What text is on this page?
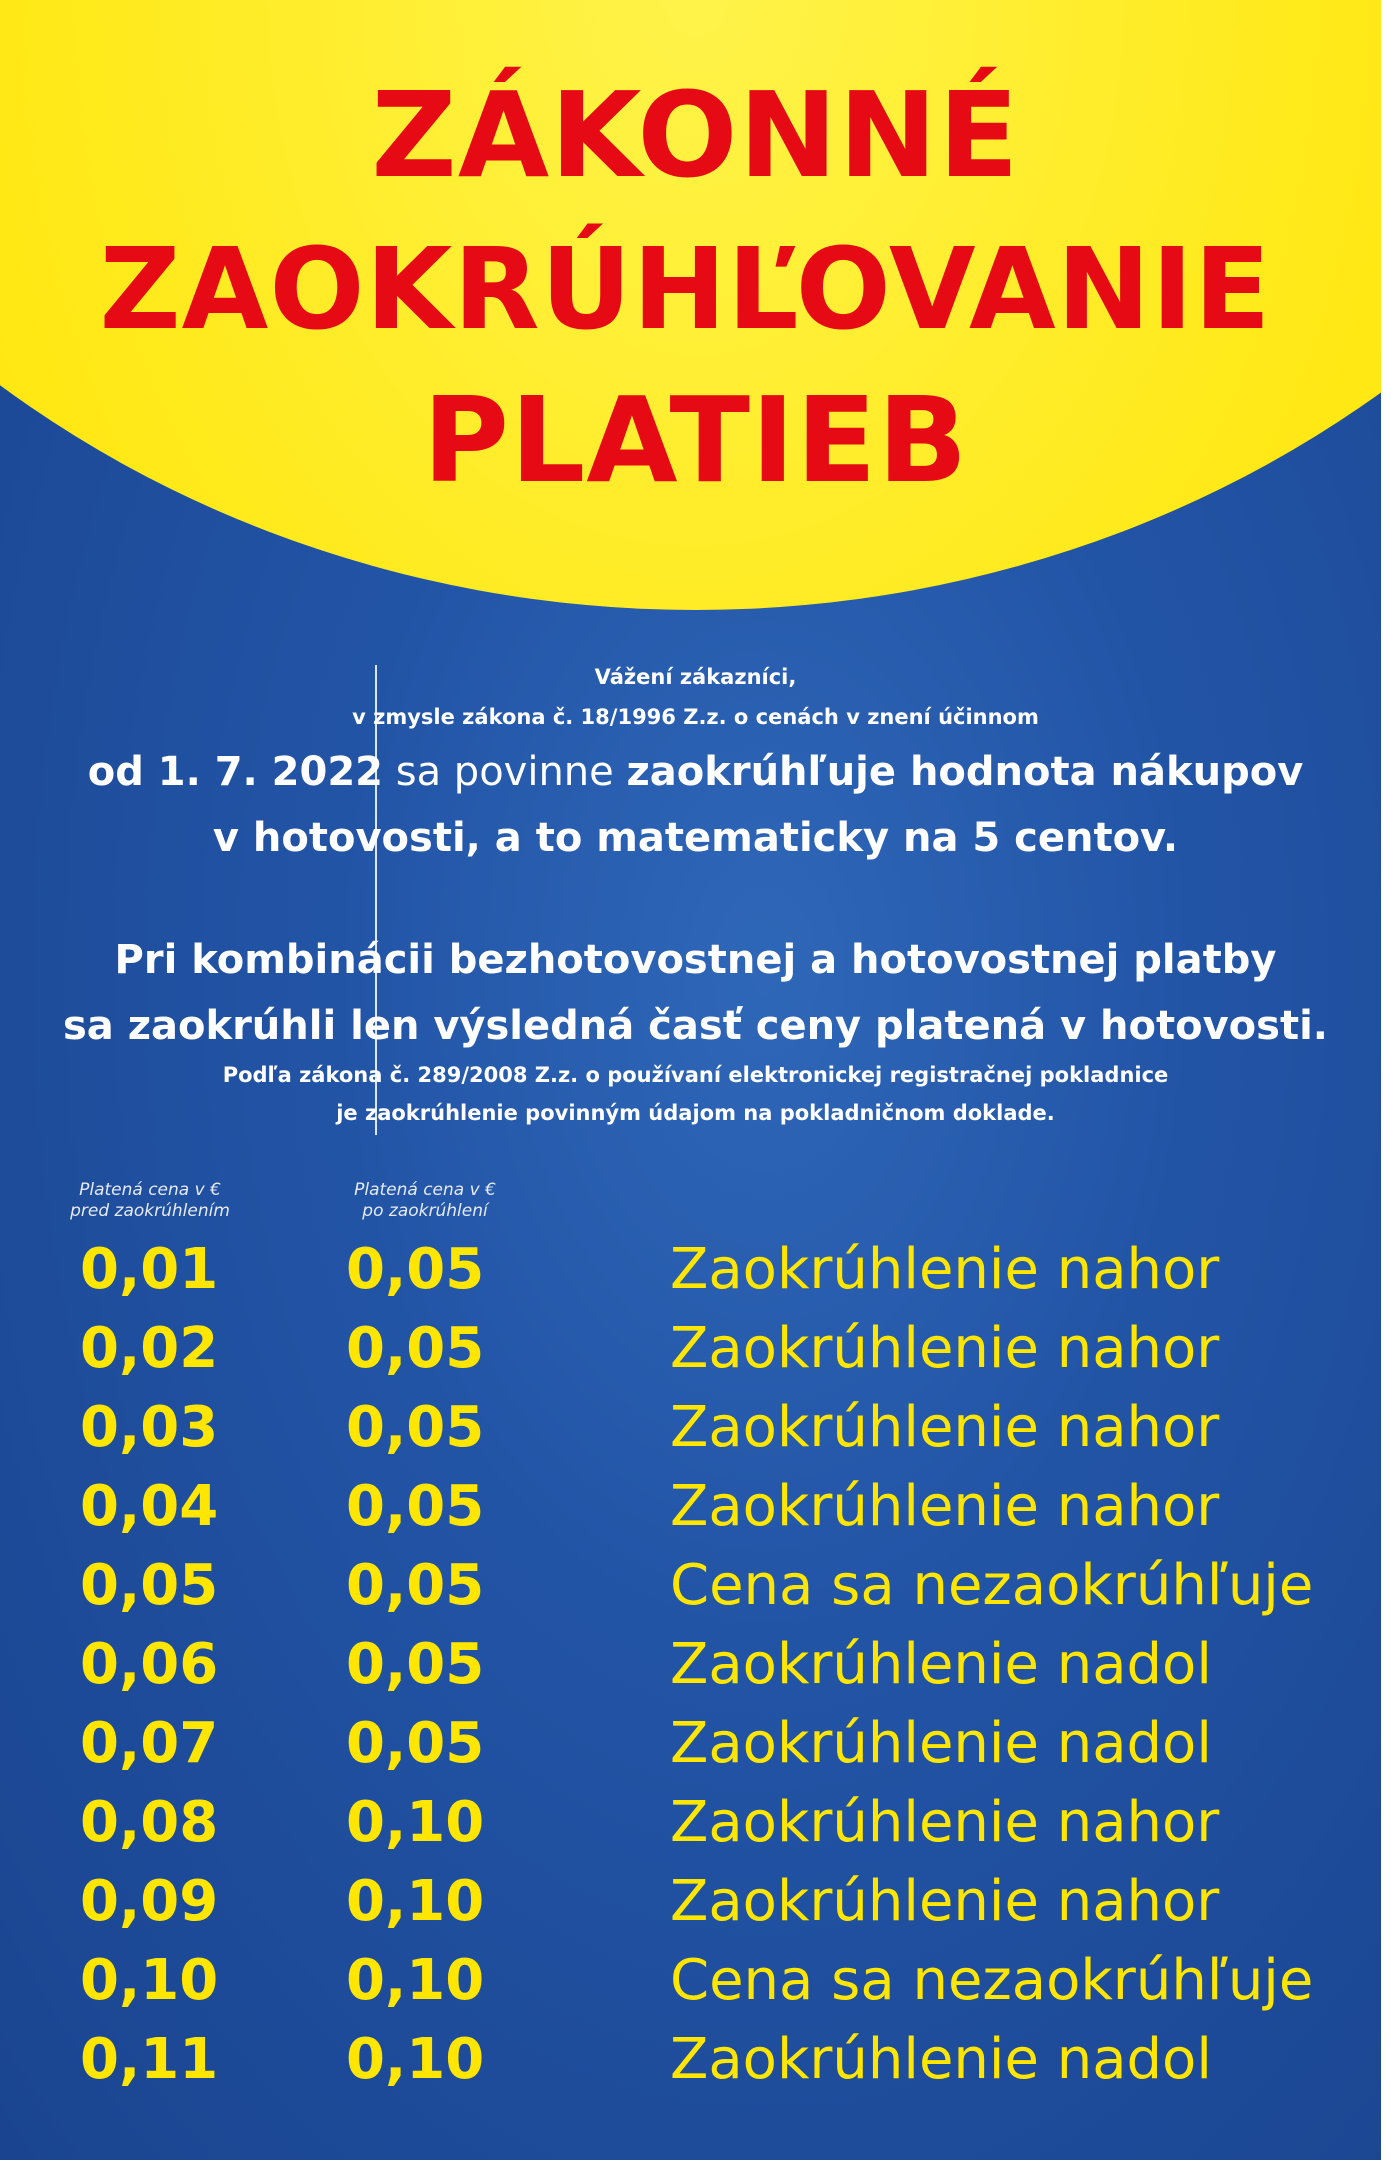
ZÁKONNÉ
ZAOKRÚHĽOVANIE
PLATIEB
Vážení zákazníci,
v zmysle zákona č. 18/1996 Z.z. o cenách v znení účinnom
od 1. 7. 2022 sa povinne zaokrúhľuje hodnota nákupov
v hotovosti, a to matematicky na 5 centov.
Pri kombinácii bezhotovostnej a hotovostnej platby
sa zaokrúhli len výsledná časť ceny platená v hotovosti.
Podľa zákona č. 289/2008 Z.z. o používaní elektronickej registračnej pokladnice
je zaokrúhlenie povinným údajom na pokladničnom doklade.
Platená cena v €
pred zaokrúhlením
Platená cena v €
po zaokrúhlení
0,01 0,05	Zaokrúhlenie nahor
0,02 0,05	Zaokrúhlenie nahor
0,03 0,05	Zaokrúhlenie nahor
0,04 0,05	Zaokrúhlenie nahor
0,05 0,05	Cena sa nezaokrúhľuje
0,06 0,05	Zaokrúhlenie nadol
0,07 0,05	Zaokrúhlenie nadol
0,08 0,10	Zaokrúhlenie nahor
0,09 0,10	Zaokrúhlenie nahor
0,10 0,10	Cena sa nezaokrúhľuje
0,11 0,10	Zaokrúhlenie nadol
